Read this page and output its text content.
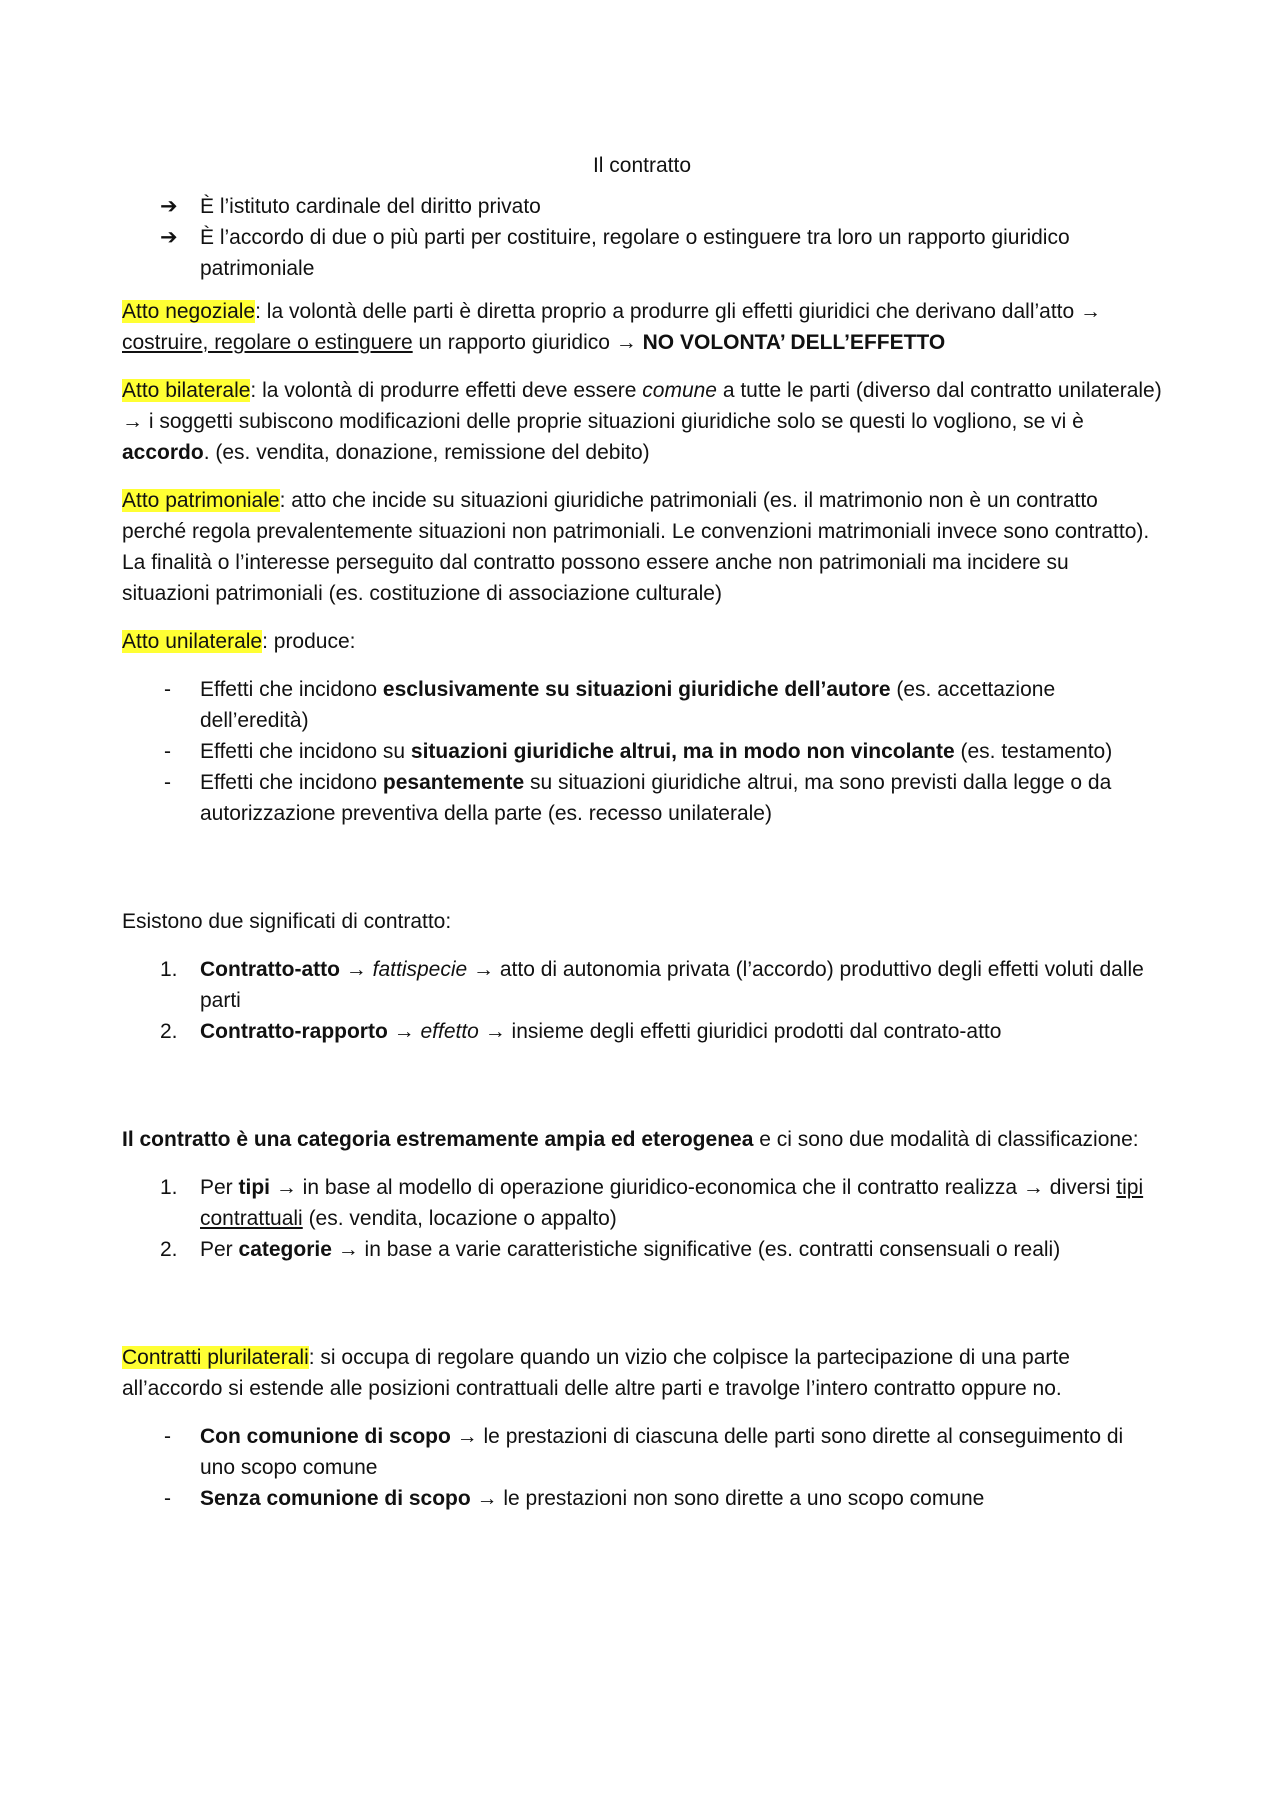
Il contratto
➔ È l’istituto cardinale del diritto privato
➔ È l’accordo di due o più parti per costituire, regolare o estinguere tra loro un rapporto giuridico patrimoniale

Atto negoziale: la volontà delle parti è diretta proprio a produrre gli effetti giuridici che derivano dall’atto → costruire, regolare o estinguere un rapporto giuridico → NO VOLONTA’ DELL’EFFETTO

Atto bilaterale: la volontà di produrre effetti deve essere comune a tutte le parti (diverso dal contratto unilaterale) → i soggetti subiscono modificazioni delle proprie situazioni giuridiche solo se questi lo vogliono, se vi è accordo. (es. vendita, donazione, remissione del debito)

Atto patrimoniale: atto che incide su situazioni giuridiche patrimoniali (es. il matrimonio non è un contratto perché regola prevalentemente situazioni non patrimoniali. Le convenzioni matrimoniali invece sono contratto). La finalità o l’interesse perseguito dal contratto possono essere anche non patrimoniali ma incidere su situazioni patrimoniali (es. costituzione di associazione culturale)

Atto unilaterale: produce:

- Effetti che incidono esclusivamente su situazioni giuridiche dell’autore (es. accettazione dell’eredità)
- Effetti che incidono su situazioni giuridiche altrui, ma in modo non vincolante (es. testamento)
- Effetti che incidono pesantemente su situazioni giuridiche altrui, ma sono previsti dalla legge o da autorizzazione preventiva della parte (es. recesso unilaterale)

Esistono due significati di contratto:

1. Contratto-atto → fattispecie → atto di autonomia privata (l’accordo) produttivo degli effetti voluti dalle parti
2. Contratto-rapporto → effetto → insieme degli effetti giuridici prodotti dal contrato-atto

Il contratto è una categoria estremamente ampia ed eterogenea e ci sono due modalità di classificazione:

1. Per tipi → in base al modello di operazione giuridico-economica che il contratto realizza → diversi tipi contrattuali (es. vendita, locazione o appalto)
2. Per categorie → in base a varie caratteristiche significative (es. contratti consensuali o reali)

Contratti plurilaterali: si occupa di regolare quando un vizio che colpisce la partecipazione di una parte all’accordo si estende alle posizioni contrattuali delle altre parti e travolge l’intero contratto oppure no.

- Con comunione di scopo → le prestazioni di ciascuna delle parti sono dirette al conseguimento di uno scopo comune
- Senza comunione di scopo → le prestazioni non sono dirette a uno scopo comune
